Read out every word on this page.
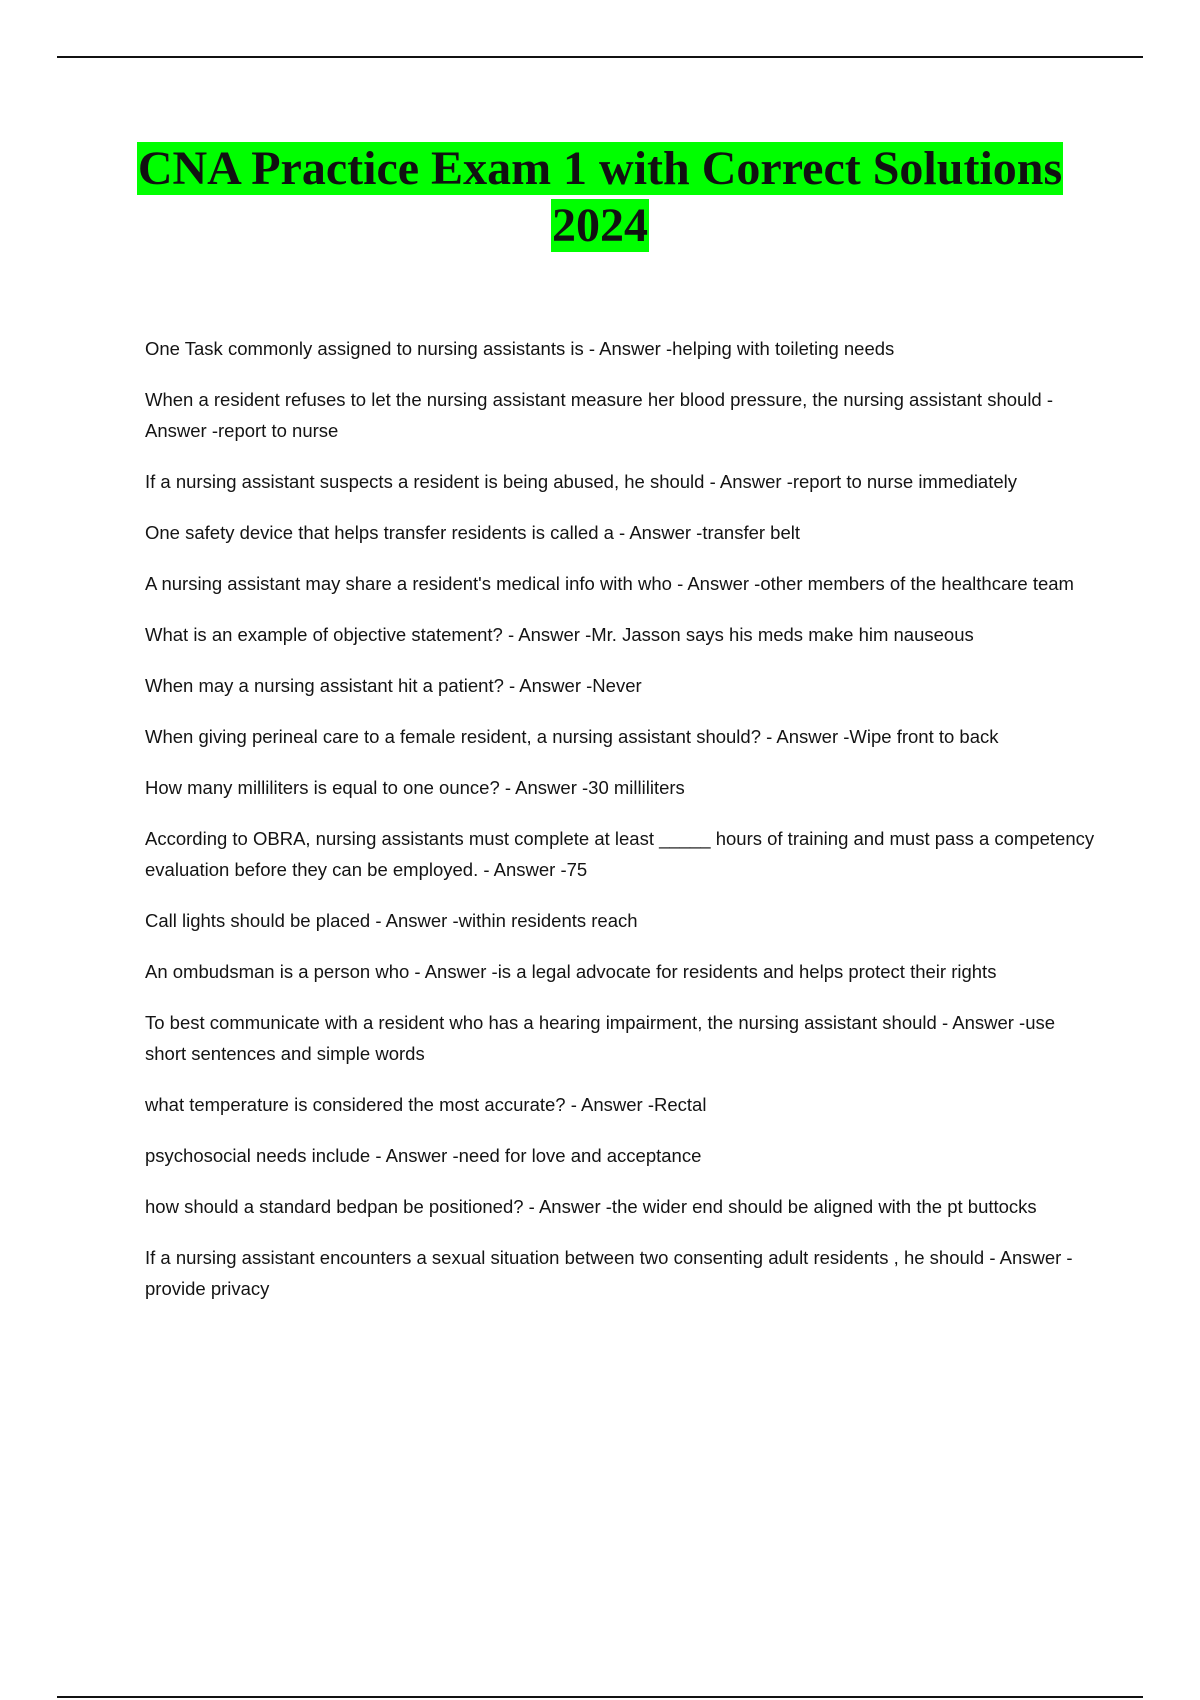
CNA Practice Exam 1 with Correct Solutions
2024
One Task commonly assigned to nursing assistants is - Answer -helping with toileting needs
When a resident refuses to let the nursing assistant measure her blood pressure, the nursing assistant should - Answer -report to nurse
If a nursing assistant suspects a resident is being abused, he should - Answer -report to nurse immediately
One safety device that helps transfer residents is called a - Answer -transfer belt
A nursing assistant may share a resident's medical info with who - Answer -other members of the healthcare team
What is an example of objective statement? - Answer -Mr. Jasson says his meds make him nauseous
When may a nursing assistant hit a patient? - Answer -Never
When giving perineal care to a female resident, a nursing assistant should? - Answer -Wipe front to back
How many milliliters is equal to one ounce? - Answer -30 milliliters
According to OBRA, nursing assistants must complete at least _____ hours of training and must pass a competency evaluation before they can be employed. - Answer -75
Call lights should be placed - Answer -within residents reach
An ombudsman is a person who - Answer -is a legal advocate for residents and helps protect their rights
To best communicate with a resident who has a hearing impairment, the nursing assistant should - Answer -use short sentences and simple words
what temperature is considered the most accurate? - Answer -Rectal
psychosocial needs include - Answer -need for love and acceptance
how should a standard bedpan be positioned? - Answer -the wider end should be aligned with the pt buttocks
If a nursing assistant encounters a sexual situation between two consenting adult residents , he should - Answer -provide privacy
